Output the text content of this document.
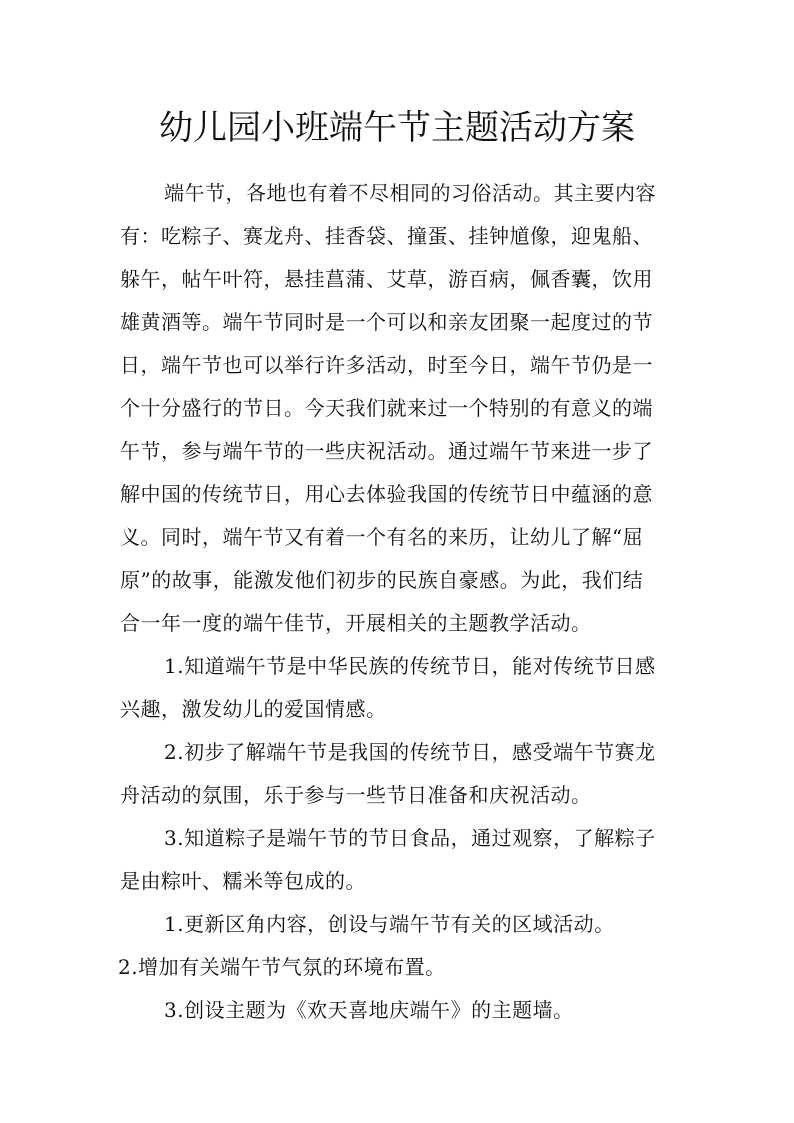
幼儿园小班端午节主题活动方案
端午节，各地也有着不尽相同的习俗活动。其主要内容
有：吃粽子、赛龙舟、挂香袋、撞蛋、挂钟馗像，迎鬼船、
躲午，帖午叶符，悬挂菖蒲、艾草，游百病，佩香囊，饮用
雄黄酒等。端午节同时是一个可以和亲友团聚一起度过的节
日，端午节也可以举行许多活动，时至今日，端午节仍是一
个十分盛行的节日。今天我们就来过一个特别的有意义的端
午节，参与端午节的一些庆祝活动。通过端午节来进一步了
解中国的传统节日，用心去体验我国的传统节日中蕴涵的意
义。同时，端午节又有着一个有名的来历，让幼儿了解“屈
原”的故事，能激发他们初步的民族自豪感。为此，我们结
合一年一度的端午佳节，开展相关的主题教学活动。
1.知道端午节是中华民族的传统节日，能对传统节日感
兴趣，激发幼儿的爱国情感。
2.初步了解端午节是我国的传统节日，感受端午节赛龙
舟活动的氛围，乐于参与一些节日准备和庆祝活动。
3.知道粽子是端午节的节日食品，通过观察，了解粽子
是由粽叶、糯米等包成的。
1.更新区角内容，创设与端午节有关的区域活动。
2.增加有关端午节气氛的环境布置。
3.创设主题为《欢天喜地庆端午》的主题墙。
